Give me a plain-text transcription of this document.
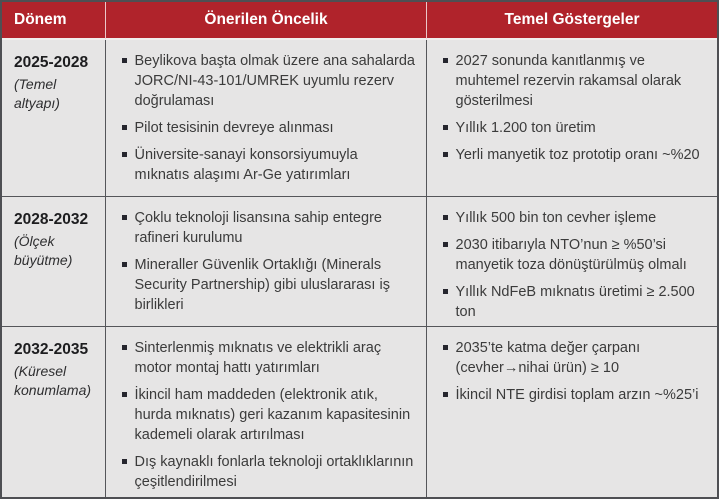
Dönem	Önerilen Öncelik	Temel Göstergeler
2025-2028
(Temel altyapı)
Beylikova başta olmak üzere ana sahalarda JORC/NI-43-101/UMREK uyumlu rezerv doğrulaması
Pilot tesisinin devreye alınması
Üniversite-sanayi konsorsiyumuyla mıknatıs alaşımı Ar-Ge yatırımları
2027 sonunda kanıtlanmış ve muhtemel rezervin rakamsal olarak gösterilmesi
Yıllık 1.200 ton üretim
Yerli manyetik toz prototip oranı ~%20
2028-2032
(Ölçek büyütme)
Çoklu teknoloji lisansına sahip entegre rafineri kurulumu
Mineraller Güvenlik Ortaklığı (Minerals Security Partnership) gibi uluslararası iş birlikleri
Yıllık 500 bin ton cevher işleme
2030 itibarıyla NTO’nun ≥ %50’si manyetik toza dönüştürülmüş olmalı
Yıllık NdFeB mıknatıs üretimi ≥ 2.500 ton
2032-2035
(Küresel konumlama)
Sinterlenmiş mıknatıs ve elektrikli araç motor montaj hattı yatırımları
İkincil ham maddeden (elektronik atık, hurda mıknatıs) geri kazanım kapasitesinin kademeli olarak artırılması
Dış kaynaklı fonlarla teknoloji ortaklıklarının çeşitlendirilmesi
2035’te katma değer çarpanı (cevher→nihai ürün) ≥ 10
İkincil NTE girdisi toplam arzın ~%25’i
